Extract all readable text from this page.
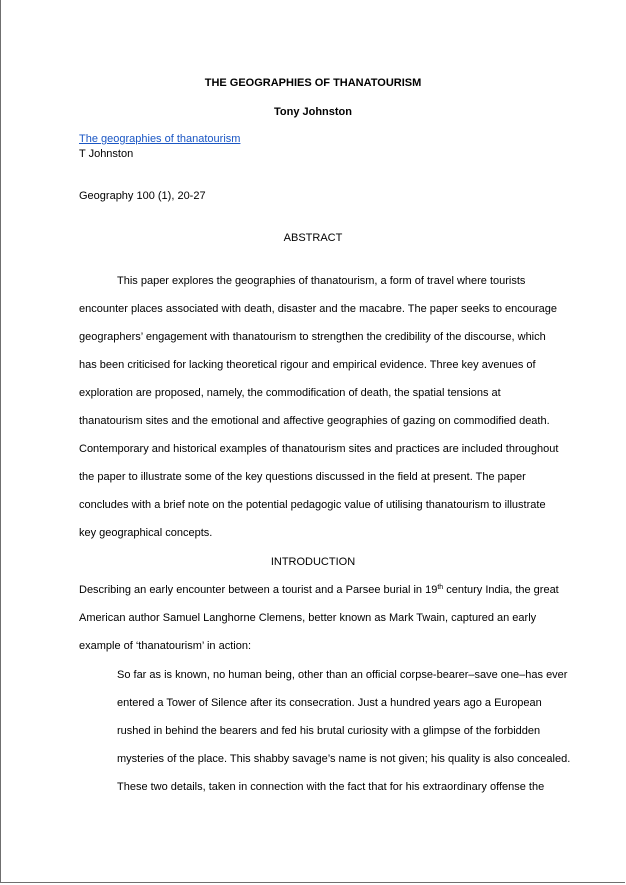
THE GEOGRAPHIES OF THANATOURISM
Tony Johnston
The geographies of thanatourism
T Johnston
Geography 100 (1), 20-27
ABSTRACT
This paper explores the geographies of thanatourism, a form of travel where tourists
encounter places associated with death, disaster and the macabre. The paper seeks to encourage
geographers’ engagement with thanatourism to strengthen the credibility of the discourse, which
has been criticised for lacking theoretical rigour and empirical evidence. Three key avenues of
exploration are proposed, namely, the commodification of death, the spatial tensions at
thanatourism sites and the emotional and affective geographies of gazing on commodified death.
Contemporary and historical examples of thanatourism sites and practices are included throughout
the paper to illustrate some of the key questions discussed in the field at present. The paper
concludes with a brief note on the potential pedagogic value of utilising thanatourism to illustrate
key geographical concepts.
INTRODUCTION
Describing an early encounter between a tourist and a Parsee burial in 19th century India, the great
American author Samuel Langhorne Clemens, better known as Mark Twain, captured an early
example of ‘thanatourism’ in action:
So far as is known, no human being, other than an official corpse-bearer–save one–has ever
entered a Tower of Silence after its consecration. Just a hundred years ago a European
rushed in behind the bearers and fed his brutal curiosity with a glimpse of the forbidden
mysteries of the place. This shabby savage’s name is not given; his quality is also concealed.
These two details, taken in connection with the fact that for his extraordinary offense the
